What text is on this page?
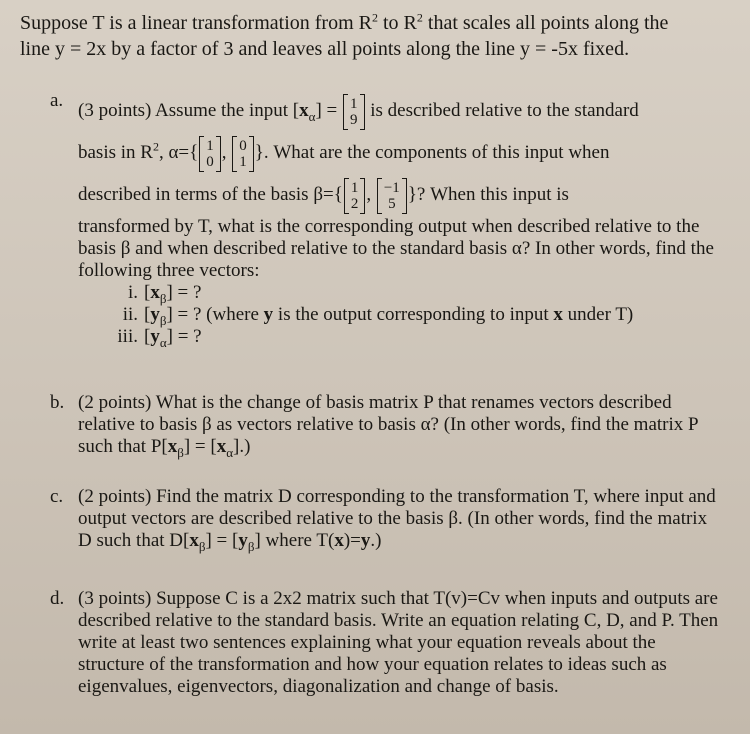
Suppose T is a linear transformation from $R^2$ to $R^2$ that scales all points along the
line y = 2x by a factor of 3 and leaves all points along the line y = -5x fixed.
a. (3 points) Assume the input $[x_\alpha] = 1$
9 is described relative to the standard
basis in $R^2$, α={ 1
0 , 0
1 }. What are the components of this input when
described in terms of the basis β={ 1
2 , −1
5 }? When this input is
transformed by T, what is the corresponding output when described relative to the basis β and when described relative to the standard basis α? In other words, find the following three vectors:
i. $[x_\beta]$ = ?
ii. $[y_\beta]$ = ? (where y is the output corresponding to input x under T)
iii. $[y_\alpha]$ = ?
b. (2 points) What is the change of basis matrix P that renames vectors described relative to basis β as vectors relative to basis α? (In other words, find the matrix P such that $P[x_\beta] = [x_\alpha]$.)
c. (2 points) Find the matrix D corresponding to the transformation T, where input and output vectors are described relative to the basis β. (In other words, find the matrix D such that $D[x_\beta] = [y_\beta]$ where T(x)=y.)
d. (3 points) Suppose C is a 2x2 matrix such that T(v)=Cv when inputs and outputs are described relative to the standard basis. Write an equation relating C, D, and P. Then write at least two sentences explaining what your equation reveals about the structure of the transformation and how your equation relates to ideas such as eigenvalues, eigenvectors, diagonalization and change of basis.
